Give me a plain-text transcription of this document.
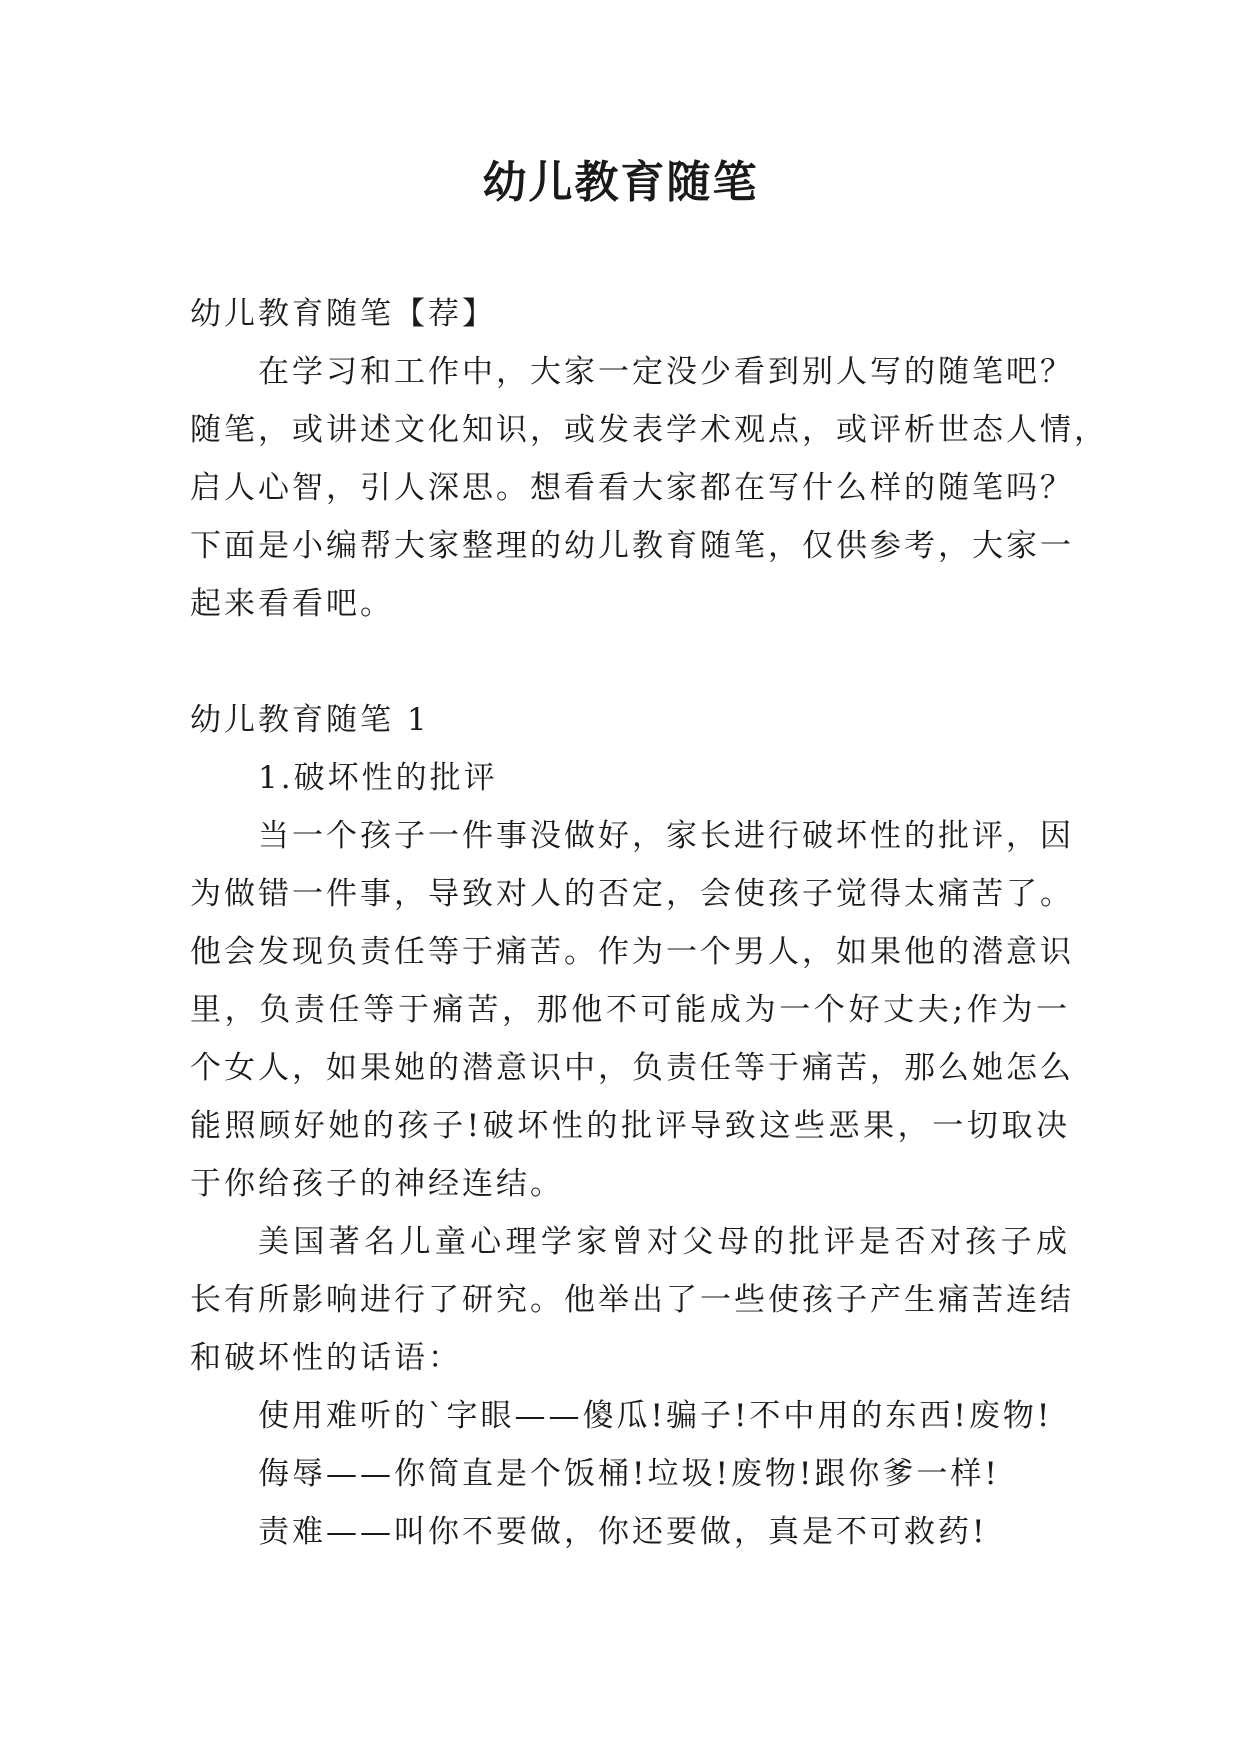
幼儿教育随笔
幼儿教育随笔【荐】
在学习和工作中，大家一定没少看到别人写的随笔吧？
随笔，或讲述文化知识，或发表学术观点，或评析世态人情，
启人心智，引人深思。想看看大家都在写什么样的随笔吗？
下面是小编帮大家整理的幼儿教育随笔，仅供参考，大家一
起来看看吧。
幼儿教育随笔 1
1.破坏性的批评
当一个孩子一件事没做好，家长进行破坏性的批评，因
为做错一件事，导致对人的否定，会使孩子觉得太痛苦了。
他会发现负责任等于痛苦。作为一个男人，如果他的潜意识
里，负责任等于痛苦，那他不可能成为一个好丈夫;作为一
个女人，如果她的潜意识中，负责任等于痛苦，那么她怎么
能照顾好她的孩子!破坏性的批评导致这些恶果，一切取决
于你给孩子的神经连结。
美国著名儿童心理学家曾对父母的批评是否对孩子成
长有所影响进行了研究。他举出了一些使孩子产生痛苦连结
和破坏性的话语：
使用难听的`字眼——傻瓜!骗子!不中用的东西!废物!
侮辱——你简直是个饭桶!垃圾!废物!跟你爹一样!
责难——叫你不要做，你还要做，真是不可救药!
